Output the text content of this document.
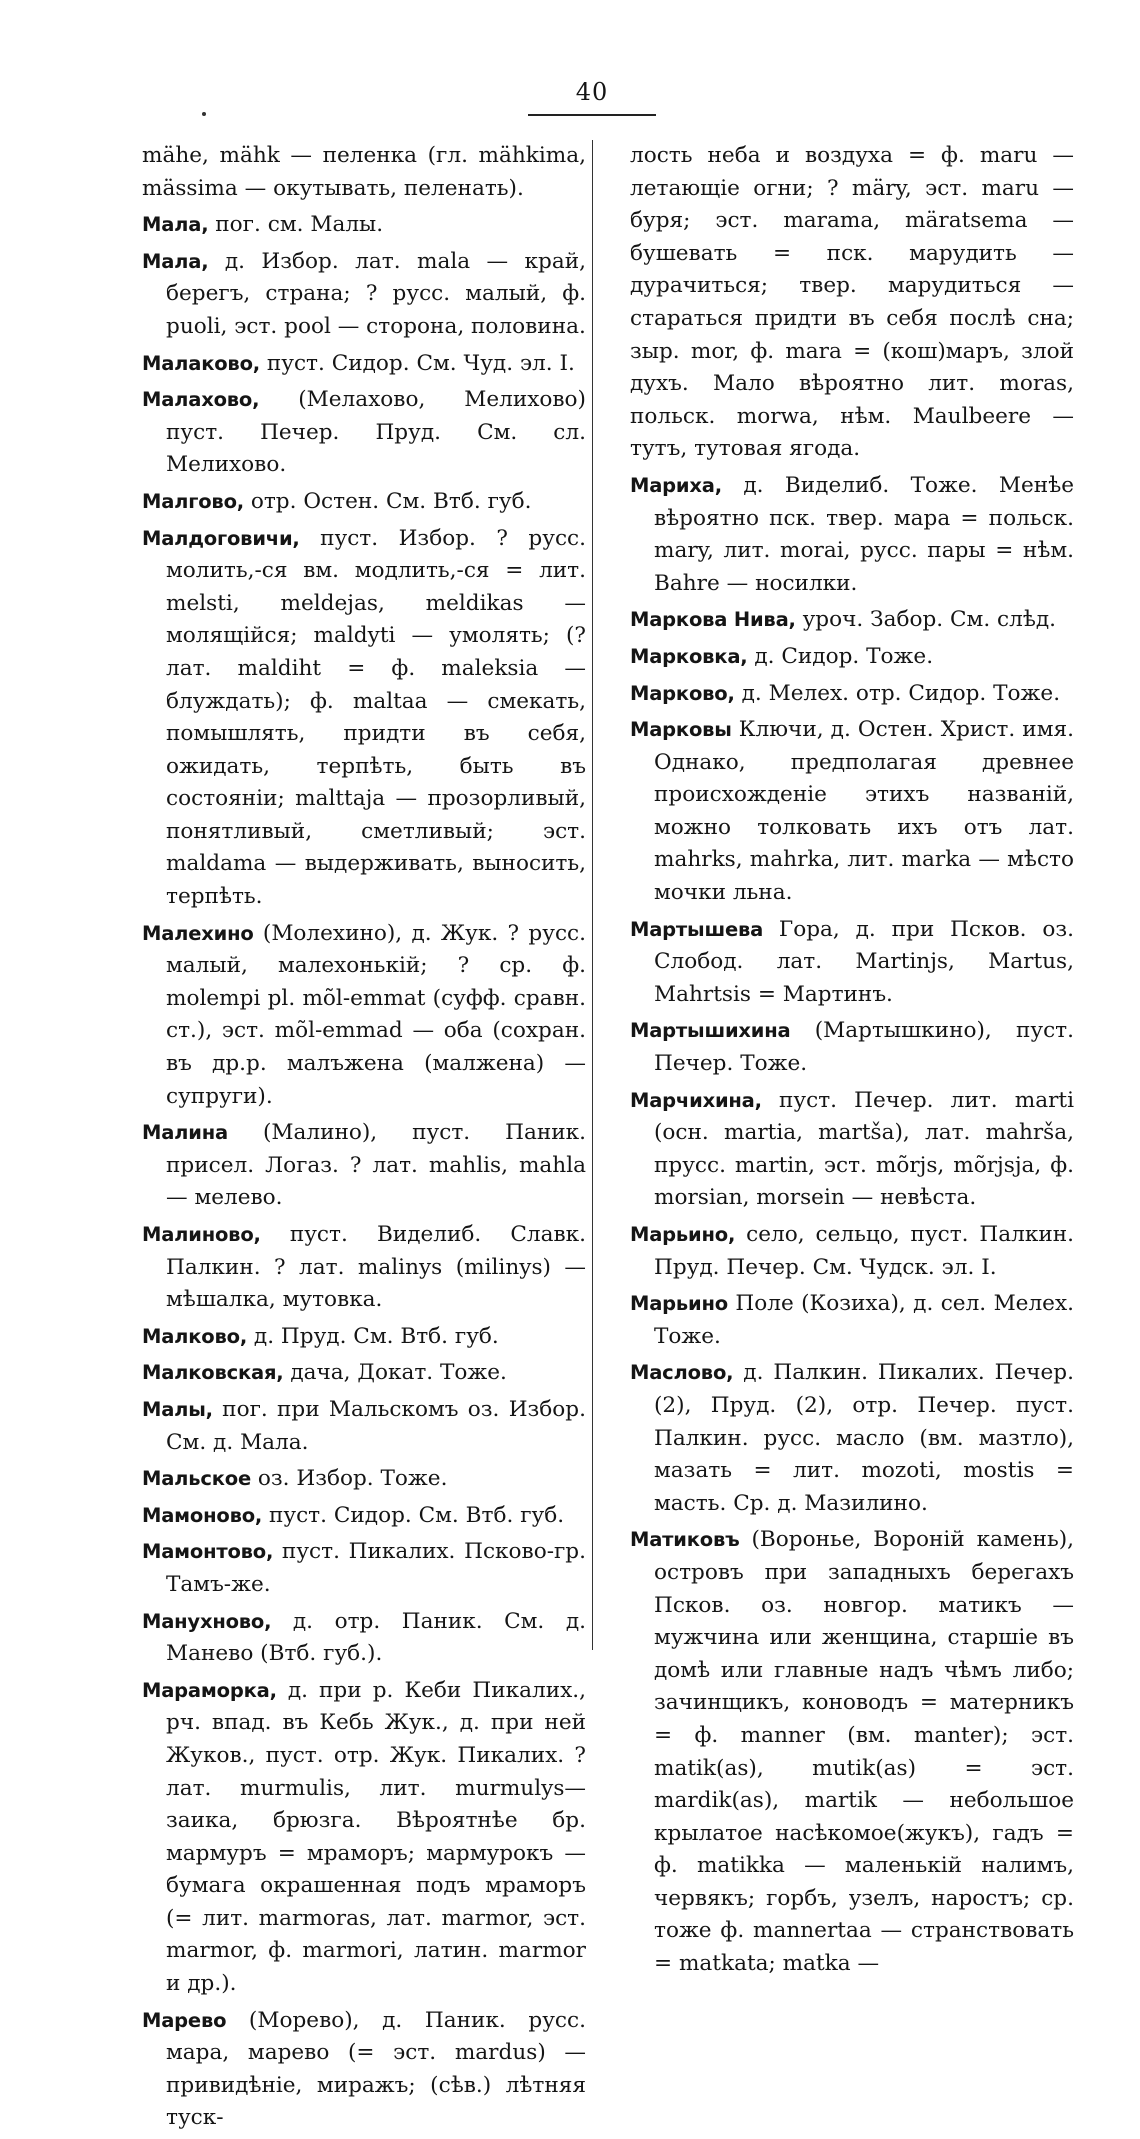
40

mähe, mähk — пеленка (гл. mähkima, mässima — окутывать, пеленать).

Мала, пог. см. Малы.

Мала, д. Избор. лат. mala — край, берегъ, страна; ? русс. малый, ф. puoli, эст. pool — сторона, половина.

Малаково, пуст. Сидор. См. Чуд. эл. I.

Малахово, (Мелахово, Мелихово) пуст. Печер. Пруд. См. сл. Мелихово.

Малгово, отр. Остен. См. Втб. губ.

Малдоговичи, пуст. Избор. ? русс. молить,-ся вм. модлить,-ся = лит. melsti, meldejas, meldikas — молящійся; maldyti — умолять; (? лат. maldiht = ф. maleksia — блуждать); ф. maltaa — смекать, помышлять, придти въ себя, ожидать, терпѣть, быть въ состояніи; malttaja — прозорливый, понятливый, сметливый; эст. maldama — выдерживать, выносить, терпѣть.

Малехино (Молехино), д. Жук. ? русс. малый, малехонькій; ? ср. ф. molempi pl. mõl-emmat (суфф. сравн. ст.), эст. mõl-emmad — оба (сохран. въ др.р. малъжена (малжена) — супруги).

Малина (Малино), пуст. Паник. присел. Логаз. ? лат. mahlis, mahla — мелево.

Малиново, пуст. Виделиб. Славк. Палкин. ? лат. malinys (milinys) — мѣшалка, мутовка.

Малково, д. Пруд. См. Втб. губ.

Малковская, дача, Докат. Тоже.

Малы, пог. при Мальскомъ оз. Избор. См. д. Мала.

Мальское оз. Избор. Тоже.

Мамоново, пуст. Сидор. См. Втб. губ.

Мамонтово, пуст. Пикалих. Псково-гр. Тамъ-же.

Манухново, д. отр. Паник. См. д. Манево (Втб. губ.).

Мараморка, д. при р. Кеби Пикалих., рч. впад. въ Кебь Жук., д. при ней Жуков., пуст. отр. Жук. Пикалих. ? лат. murmulis, лит. murmulys—заика, брюзга. Вѣроятнѣе бр. мармуръ = мраморъ; мармурокъ — бумага окрашенная подъ мраморъ (= лит. marmoras, лат. marmor, эст. marmor, ф. marmori, латин. marmor и др.).

Марево (Морево), д. Паник. русс. мара, марево (= эст. mardus) — привидѣніе, миражъ; (сѣв.) лѣтняя туск-

лость неба и воздуха = ф. maru — летающіе огни; ? märy, эст. maru — буря; эст. marama, märatsema — бушевать = пск. марудить — дурачиться; твер. марудиться — стараться придти въ себя послѣ сна; зыр. mor, ф. mara = (кош)маръ, злой духъ. Мало вѣроятно лит. moras, польск. morwa, нѣм. Maulbeere — тутъ, тутовая ягода.

Мариха, д. Виделиб. Тоже. Менѣе вѣроятно пск. твер. мара = польск. mary, лит. morai, русс. пары = нѣм. Bahre — носилки.

Маркова Нива, уроч. Забор. См. слѣд.

Марковка, д. Сидор. Тоже.

Марково, д. Мелех. отр. Сидор. Тоже.

Марковы Ключи, д. Остен. Христ. имя. Однако, предполагая древнее происхожденіе этихъ названій, можно толковать ихъ отъ лат. mahrks, mahrka, лит. marka — мѣсто мочки льна.

Мартышева Гора, д. при Псков. оз. Слобод. лат. Martinjs, Martus, Mahrtsis = Мартинъ.

Мартышихина (Мартышкино), пуст. Печер. Тоже.

Марчихина, пуст. Печер. лит. marti (осн. martia, martša), лат. mahrša, прусс. martin, эст. mõrjs, mõrjsja, ф. morsian, morsein — невѣста.

Марьино, село, сельцо, пуст. Палкин. Пруд. Печер. См. Чудск. эл. I.

Марьино Поле (Козиха), д. сел. Мелех. Тоже.

Маслово, д. Палкин. Пикалих. Печер. (2), Пруд. (2), отр. Печер. пуст. Палкин. русс. масло (вм. мазтло), мазать = лит. mozoti, mostis = масть. Ср. д. Мазилино.

Матиковъ (Воронье, Вороній камень), островъ при западныхъ берегахъ Псков. оз. новгор. матикъ — мужчина или женщина, старшіе въ домѣ или главные надъ чѣмъ либо; зачинщикъ, коноводъ = матерникъ = ф. manner (вм. manter); эст. matik(as), mutik(as) = эст. mardik(as), martik — небольшое крылатое насѣкомое(жукъ), гадъ = ф. matikka — маленькій налимъ, червякъ; горбъ, узелъ, наростъ; ср. тоже ф. mannertaa — странствовать = matkata; matka —
